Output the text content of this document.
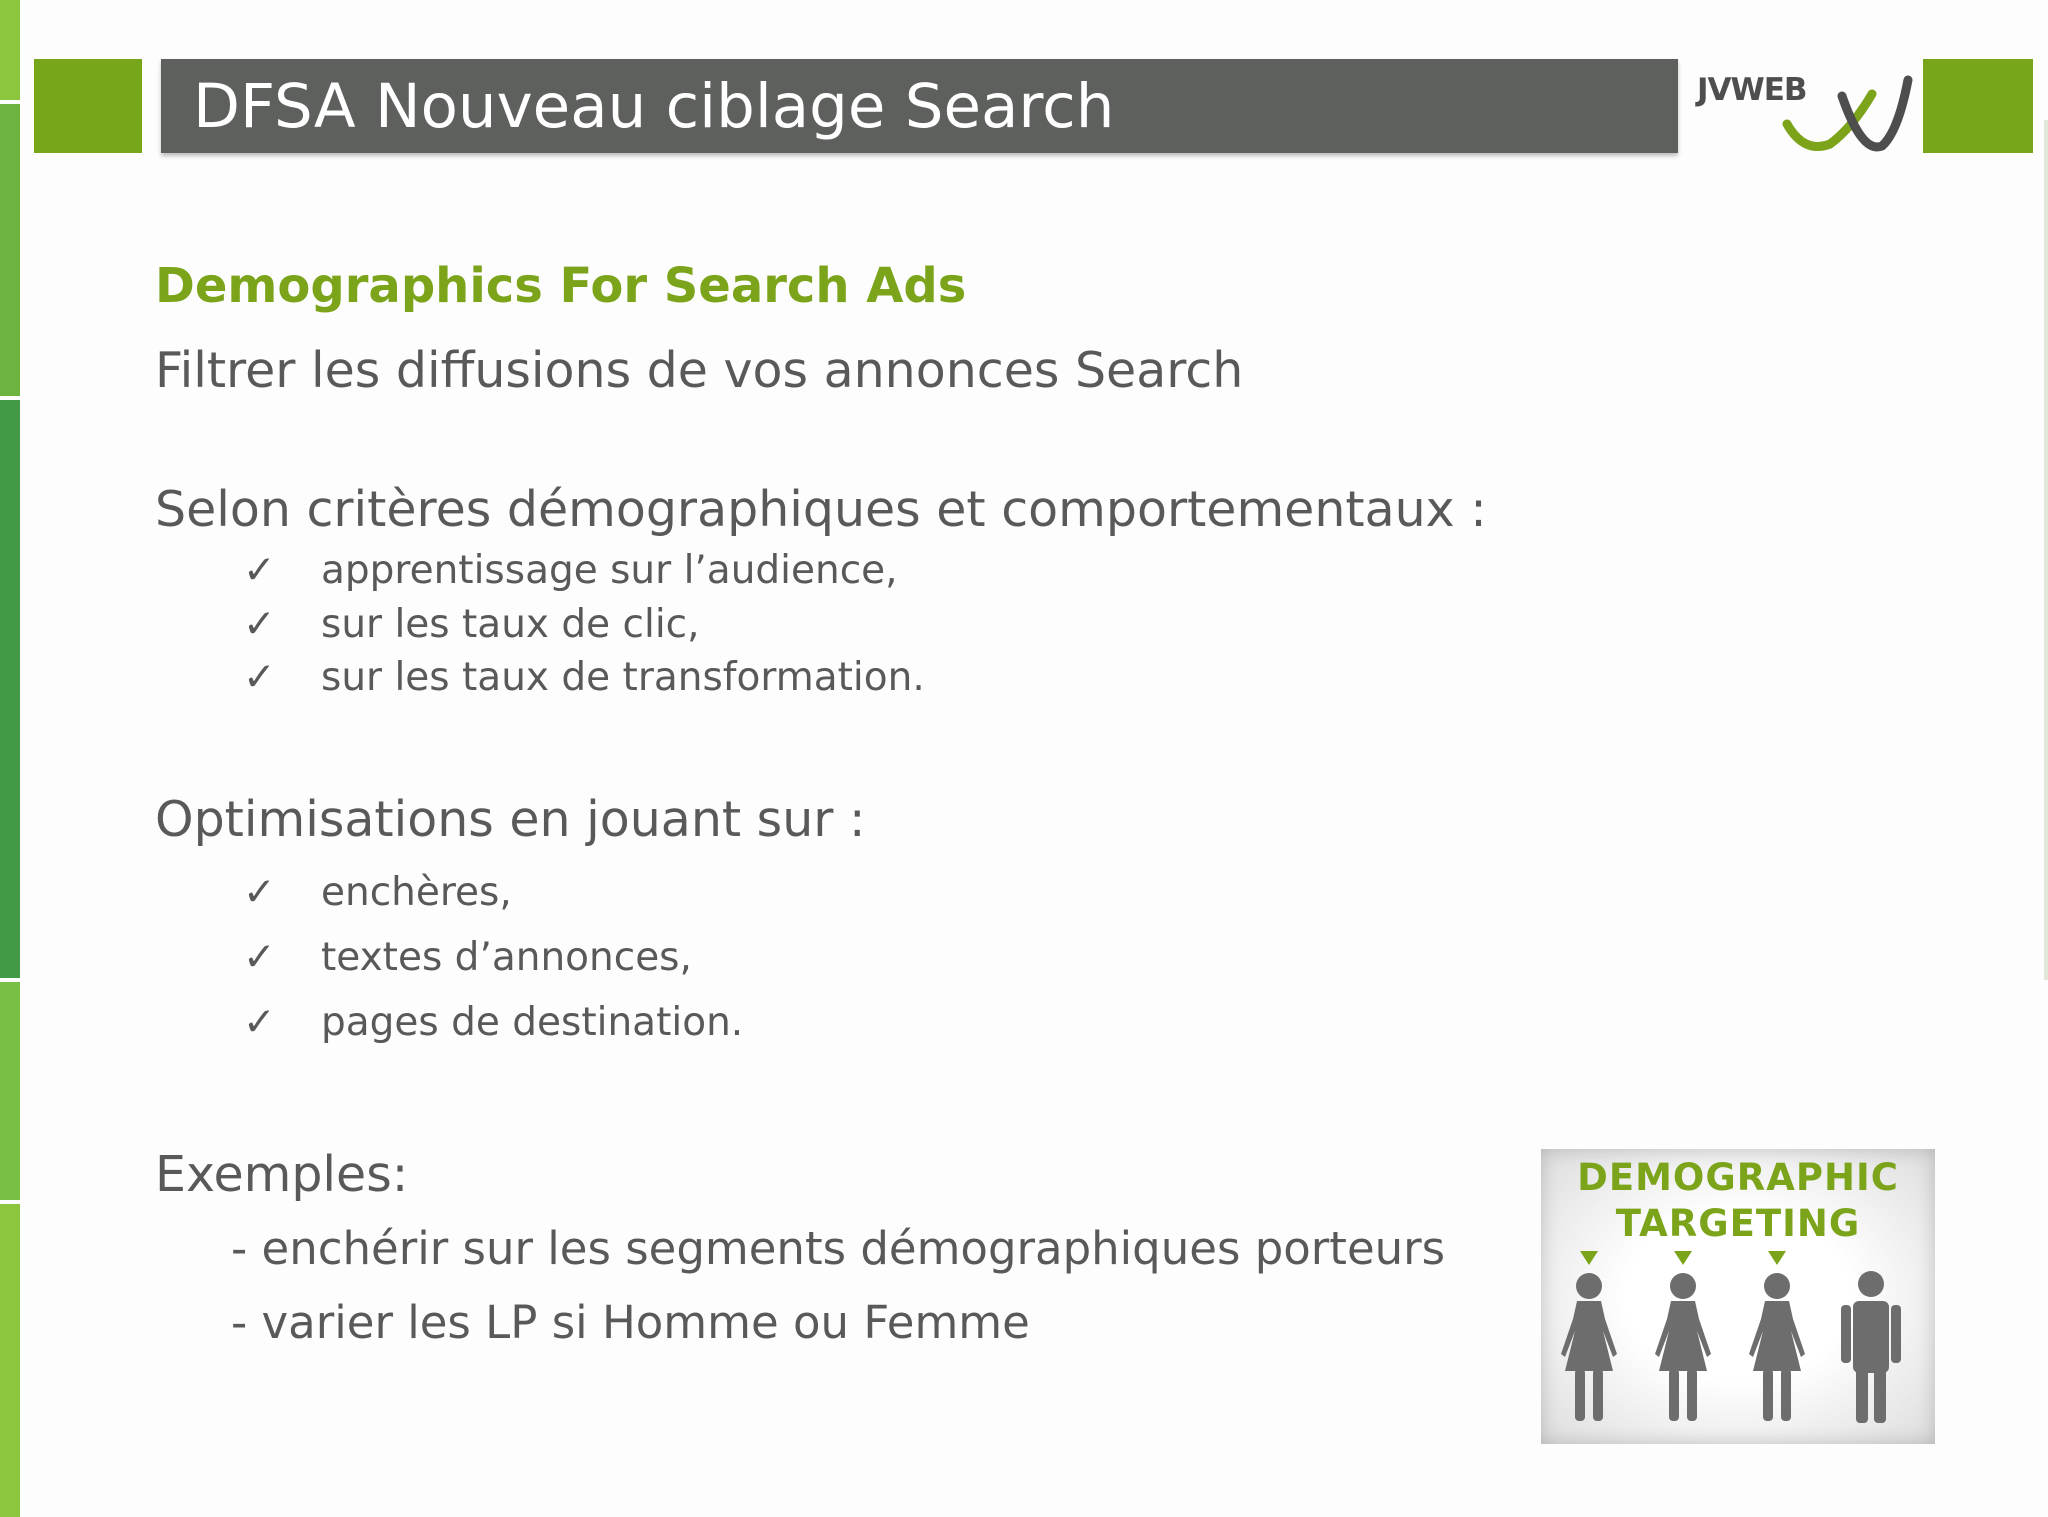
DFSA Nouveau ciblage Search	JVWEB
Demographics For Search Ads
Filtrer les diffusions de vos annonces Search
Selon critères démographiques et comportementaux :
✓ apprentissage sur l’audience,
✓ sur les taux de clic,
✓ sur les taux de transformation.
Optimisations en jouant sur :
✓ enchères,
✓ textes d’annonces,
✓ pages de destination.
Exemples:
- enchérir sur les segments démographiques porteurs
- varier les LP si Homme ou Femme
DEMOGRAPHIC
TARGETING
